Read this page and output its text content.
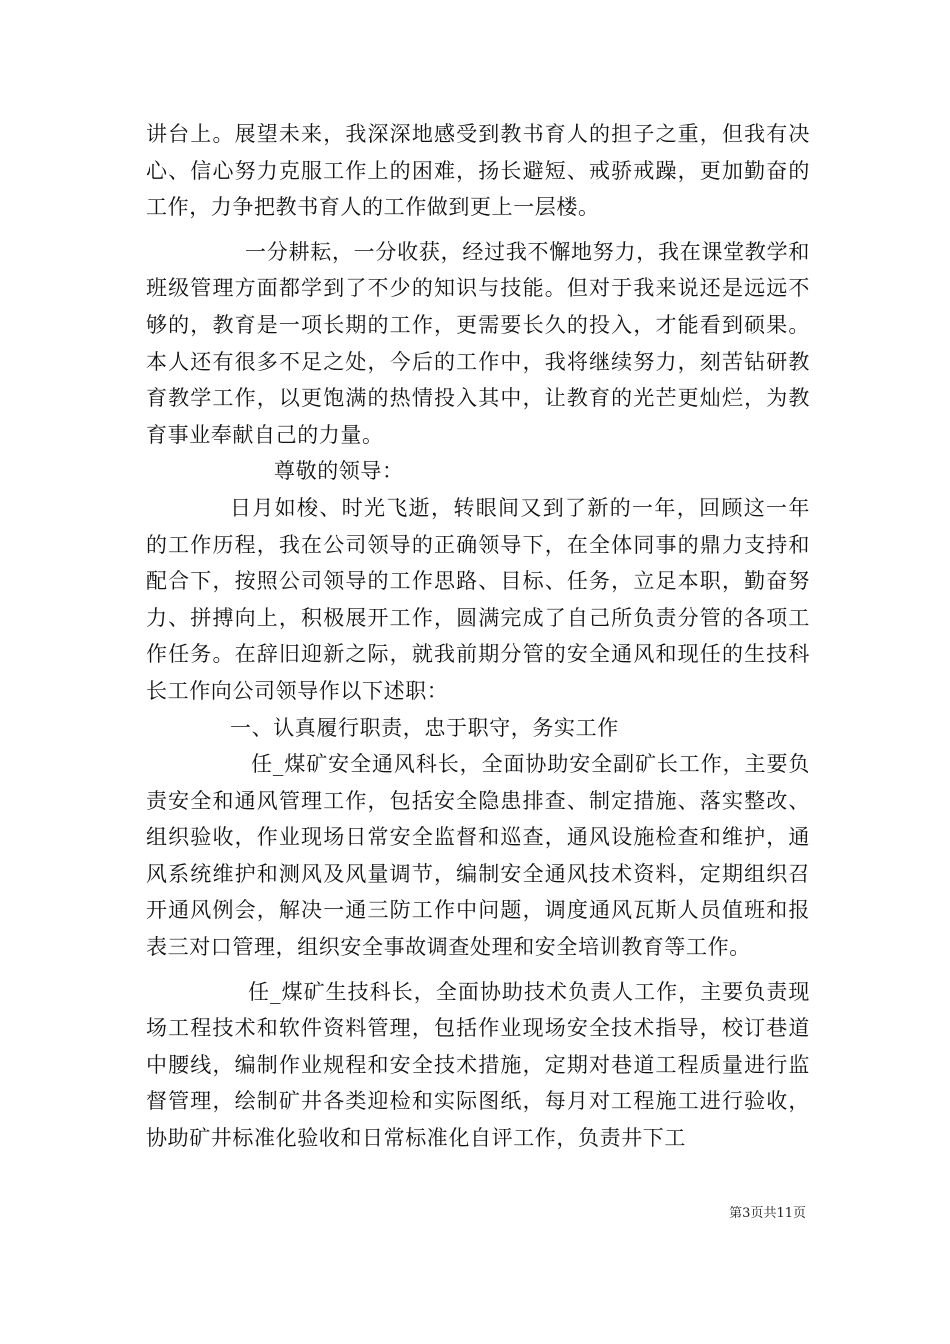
讲台上。展望未来，我深深地感受到教书育人的担子之重，但我有决心、信心努力克服工作上的困难，扬长避短、戒骄戒躁，更加勤奋的工作，力争把教书育人的工作做到更上一层楼。

一分耕耘，一分收获，经过我不懈地努力，我在课堂教学和班级管理方面都学到了不少的知识与技能。但对于我来说还是远远不够的，教育是一项长期的工作，更需要长久的投入，才能看到硕果。本人还有很多不足之处，今后的工作中，我将继续努力，刻苦钻研教育教学工作，以更饱满的热情投入其中，让教育的光芒更灿烂，为教育事业奉献自己的力量。

尊敬的领导：

日月如梭、时光飞逝，转眼间又到了新的一年，回顾这一年的工作历程，我在公司领导的正确领导下，在全体同事的鼎力支持和配合下，按照公司领导的工作思路、目标、任务，立足本职，勤奋努力、拼搏向上，积极展开工作，圆满完成了自己所负责分管的各项工作任务。在辞旧迎新之际，就我前期分管的安全通风和现任的生技科长工作向公司领导作以下述职：

一、认真履行职责，忠于职守，务实工作

任_煤矿安全通风科长，全面协助安全副矿长工作，主要负责安全和通风管理工作，包括安全隐患排查、制定措施、落实整改、组织验收，作业现场日常安全监督和巡查，通风设施检查和维护，通风系统维护和测风及风量调节，编制安全通风技术资料，定期组织召开通风例会，解决一通三防工作中问题，调度通风瓦斯人员值班和报表三对口管理，组织安全事故调查处理和安全培训教育等工作。

任_煤矿生技科长，全面协助技术负责人工作，主要负责现场工程技术和软件资料管理，包括作业现场安全技术指导，校订巷道中腰线，编制作业规程和安全技术措施，定期对巷道工程质量进行监督管理，绘制矿井各类迎检和实际图纸，每月对工程施工进行验收，协助矿井标准化验收和日常标准化自评工作，负责井下工

第3页共11页
